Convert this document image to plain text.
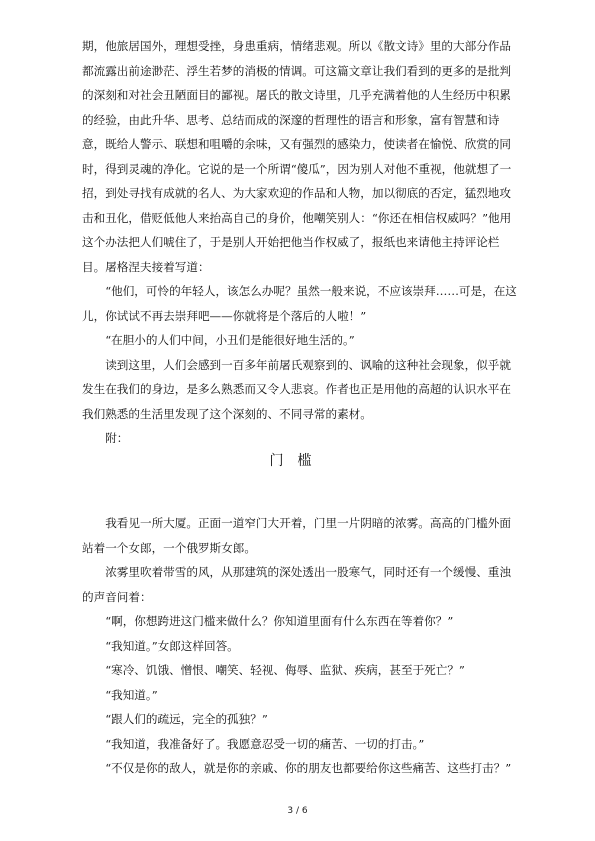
期，他旅居国外，理想受挫，身患重病，情绪悲观。所以《散文诗》里的大部分作品都流露出前途渺茫、浮生若梦的消极的情调。可这篇文章让我们看到的更多的是批判的深刻和对社会丑陋面目的鄙视。屠氏的散文诗里，几乎充满着他的人生经历中积累的经验，由此升华、思考、总结而成的深邃的哲理性的语言和形象，富有智慧和诗意，既给人警示、联想和咀嚼的余味，又有强烈的感染力，使读者在愉悦、欣赏的同时，得到灵魂的净化。它说的是一个所谓“傻瓜”，因为别人对他不重视，他就想了一招，到处寻找有成就的名人、为大家欢迎的作品和人物，加以彻底的否定，猛烈地攻击和丑化，借贬低他人来抬高自己的身价，他嘲笑别人：“你还在相信权威吗？”他用这个办法把人们唬住了，于是别人开始把他当作权威了，报纸也来请他主持评论栏目。屠格涅夫接着写道：

“他们，可怜的年轻人，该怎么办呢？虽然一般来说，不应该崇拜……可是，在这儿，你试试不再去崇拜吧——你就将是个落后的人啦！”

“在胆小的人们中间，小丑们是能很好地生活的。”

读到这里，人们会感到一百多年前屠氏观察到的、讽喻的这种社会现象，似乎就发生在我们的身边，是多么熟悉而又令人悲哀。作者也正是用他的高超的认识水平在我们熟悉的生活里发现了这个深刻的、不同寻常的素材。

附：

门槛

我看见一所大厦。正面一道窄门大开着，门里一片阴暗的浓雾。高高的门槛外面站着一个女郎，一个俄罗斯女郎。

浓雾里吹着带雪的风，从那建筑的深处透出一股寒气，同时还有一个缓慢、重浊的声音问着：

“啊，你想跨进这门槛来做什么？你知道里面有什么东西在等着你？”

“我知道。”女郎这样回答。

“寒冷、饥饿、憎恨、嘲笑、轻视、侮辱、监狱、疾病，甚至于死亡？”

“我知道。”

“跟人们的疏远，完全的孤独？”

“我知道，我准备好了。我愿意忍受一切的痛苦、一切的打击。”

“不仅是你的敌人，就是你的亲戚、你的朋友也都要给你这些痛苦、这些打击？”

3 / 6
